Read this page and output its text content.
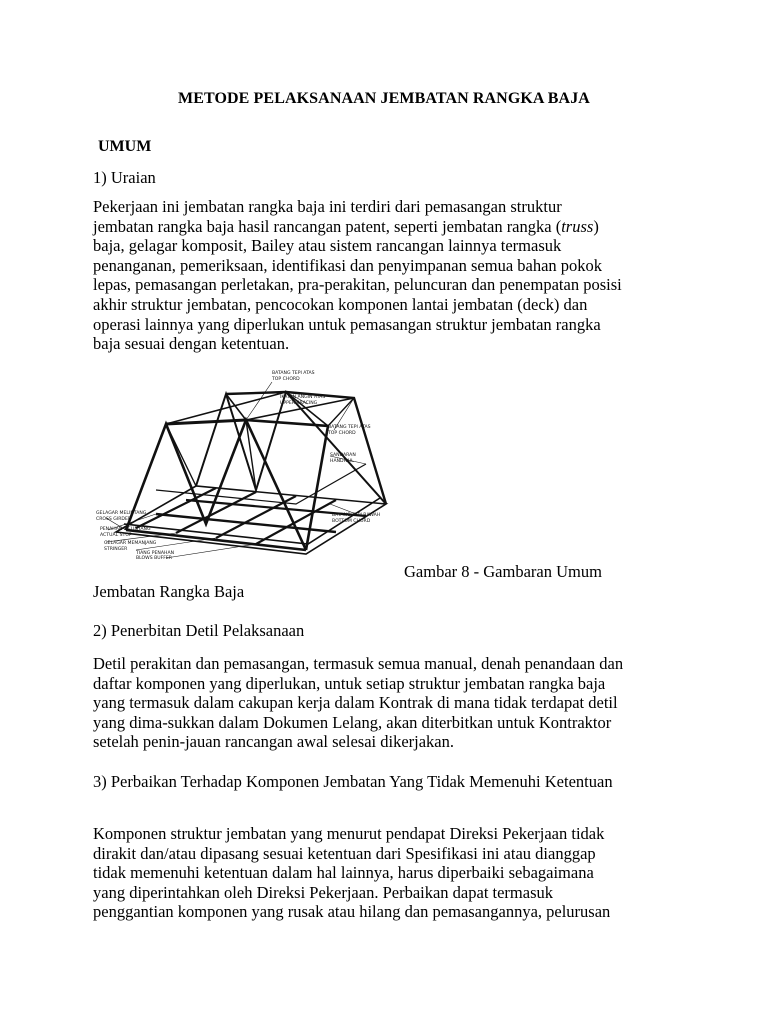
METODE PELAKSANAAN JEMBATAN RANGKA BAJA
UMUM
1) Uraian
Pekerjaan ini jembatan rangka baja ini terdiri dari pemasangan struktur
jembatan rangka baja hasil rancangan patent, seperti jembatan rangka (truss)
baja, gelagar komposit, Bailey atau sistem rancangan lainnya termasuk
penanganan, pemeriksaan, identifikasi dan penyimpanan semua bahan pokok
lepas, pemasangan perletakan, pra-perakitan, peluncuran dan penempatan posisi
akhir struktur jembatan, pencocokan komponen lantai jembatan (deck) dan
operasi lainnya yang diperlukan untuk pemasangan struktur jembatan rangka
baja sesuai dengan ketentuan.
BATANG TEPI ATAS
TOP CHORD
IKATAN ANGIN ATAS
UPPER BRACING
BATANG TEPI ATAS
TOP CHORD
SANDARAN
HANDRAIL
BATANG TEPI BAWAH
BOTTOM CHORD
GELAGAR MELINTANG
CROSS GIRDER
PENAHAN MELINTANG
ACTUAL STOP
GELAGAR MEMANJANG
STRINGER
TIANG PENAHAN
BLOWS BUFFER
Gambar 8 - Gambaran Umum
Jembatan Rangka Baja
2) Penerbitan Detil Pelaksanaan
Detil perakitan dan pemasangan, termasuk semua manual, denah penandaan dan
daftar komponen yang diperlukan, untuk setiap struktur jembatan rangka baja
yang termasuk dalam cakupan kerja dalam Kontrak di mana tidak terdapat detil
yang dima-sukkan dalam Dokumen Lelang, akan diterbitkan untuk Kontraktor
setelah penin-jauan rancangan awal selesai dikerjakan.
3) Perbaikan Terhadap Komponen Jembatan Yang Tidak Memenuhi Ketentuan
Komponen struktur jembatan yang menurut pendapat Direksi Pekerjaan tidak
dirakit dan/atau dipasang sesuai ketentuan dari Spesifikasi ini atau dianggap
tidak memenuhi ketentuan dalam hal lainnya, harus diperbaiki sebagaimana
yang diperintahkan oleh Direksi Pekerjaan. Perbaikan dapat termasuk
penggantian komponen yang rusak atau hilang dan pemasangannya, pelurusan
